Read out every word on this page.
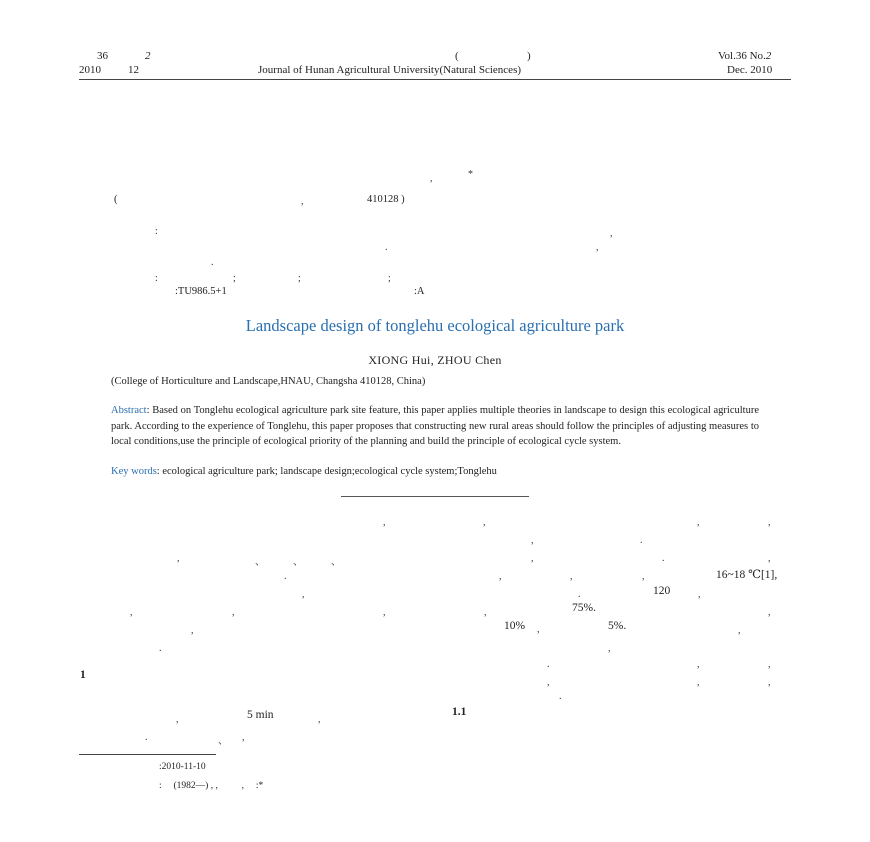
36	2	(	)	Vol.36 No.2
2010 12	Journal of Hunan Agricultural University(Natural Sciences)	Dec. 2010
,	*
(	,	410128 )
:	,
.	,
.
:	;	;	;
:TU986.5+1	:A
Landscape design of tonglehu ecological agriculture park
XIONG Hui, ZHOU Chen
(College of Horticulture and Landscape,HNAU, Changsha 410128, China)
Abstract: Based on Tonglehu ecological agriculture park site feature, this paper applies multiple theories in landscape to design this ecological agriculture park. According to the experience of Tonglehu, this paper proposes that constructing new rural areas should follow the principles of adjusting measures to local conditions,use the principle of ecological priority of the planning and build the principle of ecological cycle system.
Key words: ecological agriculture park; landscape design;ecological cycle system;Tonglehu
,	,	,	,
,	.
,	、	、	、	,	.	,
.	,	,	,	16~18 ℃[1],
,	.	120	,
75%.
,	,	,	,	,
,	10% ,	5%.	,
.	,
.	,	,
1
,	,	,
.
,	5 min	,
1.1
.	、 ,
:2010-11-10
: 　(1982—) , , 　　 , 　:*
